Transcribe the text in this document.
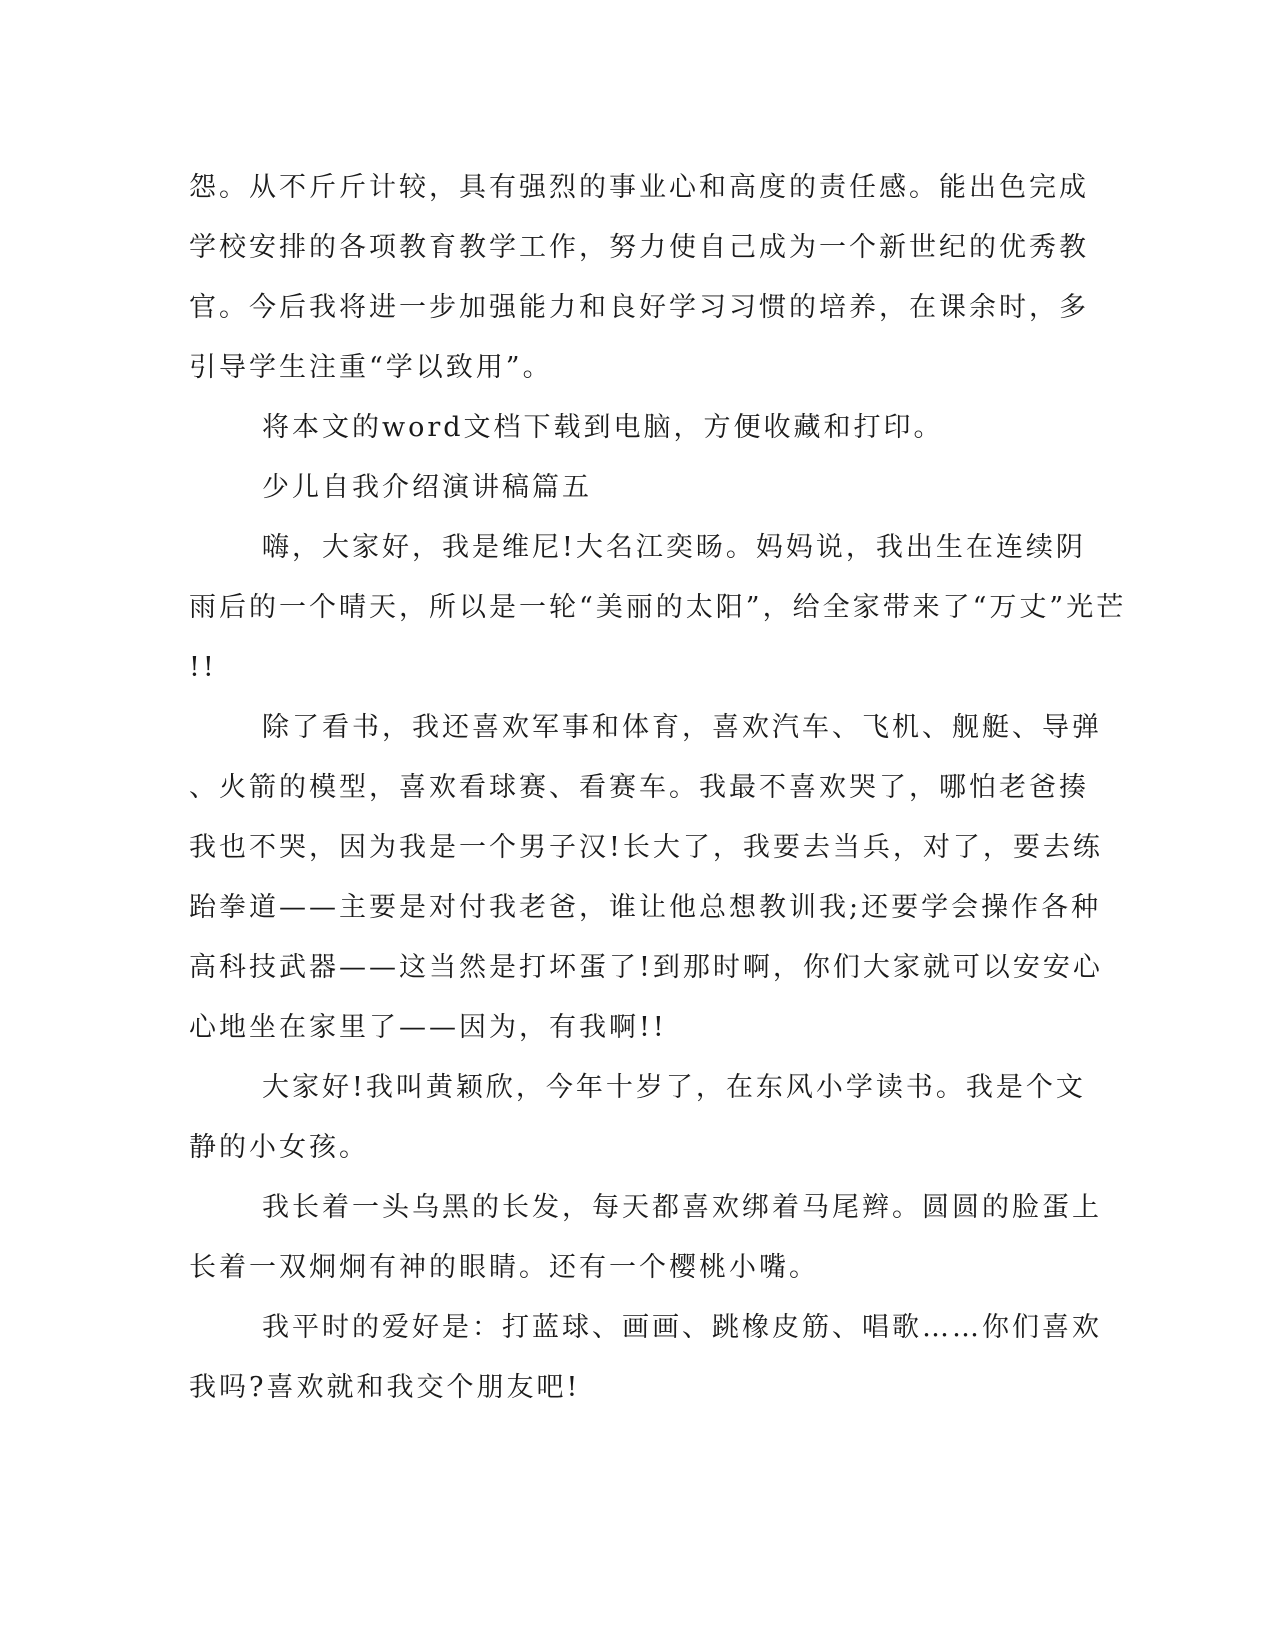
怨。从不斤斤计较，具有强烈的事业心和高度的责任感。能出色完成
学校安排的各项教育教学工作，努力使自己成为一个新世纪的优秀教
官。今后我将进一步加强能力和良好学习习惯的培养，在课余时，多
引导学生注重“学以致用”。
将本文的word文档下载到电脑，方便收藏和打印。
少儿自我介绍演讲稿篇五
嗨，大家好，我是维尼!大名江奕旸。妈妈说，我出生在连续阴
雨后的一个晴天，所以是一轮“美丽的太阳”，给全家带来了“万丈”光芒
!!
除了看书，我还喜欢军事和体育，喜欢汽车、飞机、舰艇、导弹
、火箭的模型，喜欢看球赛、看赛车。我最不喜欢哭了，哪怕老爸揍
我也不哭，因为我是一个男子汉!长大了，我要去当兵，对了，要去练
跆拳道——主要是对付我老爸，谁让他总想教训我;还要学会操作各种
高科技武器——这当然是打坏蛋了!到那时啊，你们大家就可以安安心
心地坐在家里了——因为，有我啊!!
大家好!我叫黄颖欣，今年十岁了，在东风小学读书。我是个文
静的小女孩。
我长着一头乌黑的长发，每天都喜欢绑着马尾辫。圆圆的脸蛋上
长着一双炯炯有神的眼睛。还有一个樱桃小嘴。
我平时的爱好是：打蓝球、画画、跳橡皮筋、唱歌……你们喜欢
我吗?喜欢就和我交个朋友吧!
